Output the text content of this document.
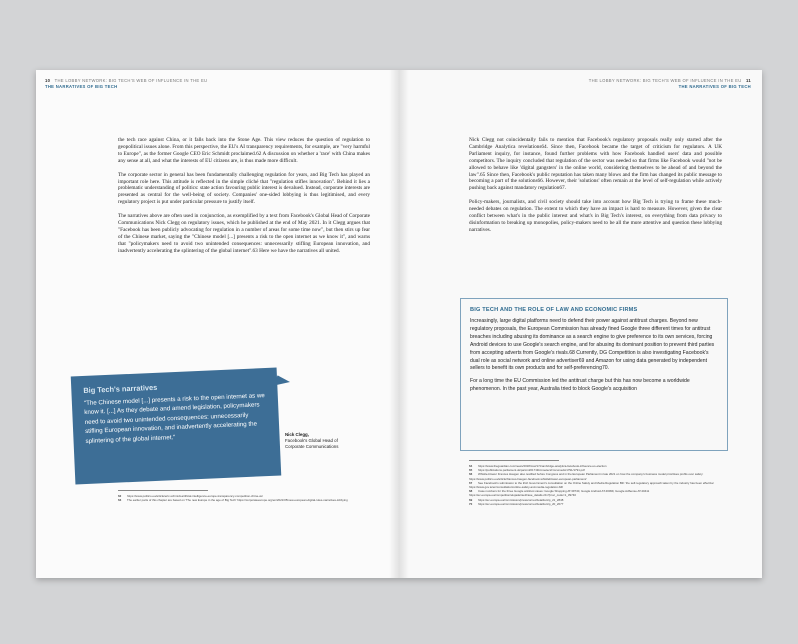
10 THE LOBBY NETWORK: BIG TECH'S WEB OF INFLUENCE IN THE EU
THE NARRATIVES OF BIG TECH

the tech race against China, or it falls back into the Stone Age. This view reduces the question of regulation to geopolitical issues alone. From this perspective, the EU's AI transparency requirements, for example, are "very harmful to Europe", as the former Google CEO Eric Schmidt proclaimed.62 A discussion on whether a 'race' with China makes any sense at all, and what the interests of EU citizens are, is thus made more difficult.

The corporate sector in general has been fundamentally challenging regulation for years, and Big Tech has played an important role here. This attitude is reflected in the simple cliché that "regulation stifles innovation". Behind it lies a problematic understanding of politics: state action favouring public interest is devalued. Instead, corporate interests are presented as central for the well-being of society. Companies' one-sided lobbying is thus legitimised, and every regulatory project is put under particular pressure to justify itself.

The narratives above are often used in conjunction, as exemplified by a text from Facebook's Global Head of Corporate Communications Nick Clegg on regulatory issues, which he published at the end of May 2021. In it Clegg argues that "Facebook has been publicly advocating for regulation in a number of areas for some time now", but then stirs up fear of the Chinese market, saying the "Chinese model [...] presents a risk to the open internet as we know it", and warns that "policymakers need to avoid two unintended consequences: unnecessarily stifling European innovation, and inadvertently accelerating the splintering of the global internet".63 Here we have the narratives all united.

Big Tech's narratives

"The Chinese model [...] presents a risk to the open internet as we know it. [...] As they debate and amend legislation, policymakers need to avoid two unintended consequences: unnecessarily stifling European innovation, and inadvertently accelerating the splintering of the global internet."	Nick Clegg,
Facebook's Global Head of
Corporate Communications
62 https://www.politico.eu/article/eric-schmidt-artificial-intelligence-europe-transparency-competition-china-us/
63 The earlier parts of this chapter are based on 'The new Europe in the age of Big Tech' https://corporateeurope.org/en/2021/05/new-european-digital-rules-narratives-lobbying
THE LOBBY NETWORK: BIG TECH'S WEB OF INFLUENCE IN THE EU 11
THE NARRATIVES OF BIG TECH

Nick Clegg not coincidentally fails to mention that Facebook's regulatory proposals really only started after the Cambridge Analytica revelations64. Since then, Facebook became the target of criticism for regulators. A UK Parliament inquiry, for instance, found further problems with how Facebook handled users' data and possible competitors. The inquiry concluded that regulation of the sector was needed so that firms like Facebook would "not be allowed to behave like 'digital gangsters' in the online world, considering themselves to be ahead of and beyond the law".65 Since then, Facebook's public reputation has taken many blows and the firm has changed its public message to becoming a part of the solutions66. However, their 'solutions' often remain at the level of self-regulation while actively pushing back against mandatory regulation67.

Policy-makers, journalists, and civil society should take into account how Big Tech is trying to frame these much-needed debates on regulation. The extent to which they have an impact is hard to measure. However, given the clear conflict between what's in the public interest and what's in Big Tech's interest, on everything from data privacy to disinformation to breaking up monopolies, policy-makers need to be all the more attentive and question these lobbying narratives.

BIG TECH AND THE ROLE OF LAW AND ECONOMIC FIRMS

Increasingly, large digital platforms need to defend their power against antitrust charges. Beyond new regulatory proposals, the European Commission has already fined Google three different times for antitrust breaches including abusing its dominance as a search engine to give preference to its own services, forcing Android devices to use Google's search engine, and for abusing its dominant position to prevent third parties from accepting adverts from Google's rivals.68 Currently, DG Competition is also investigating Facebook's dual role as social network and online advertiser69 and Amazon for using data generated by independent sellers to benefit its own products and for self-preferencing70.

For a long time the EU Commission led the antitrust charge but this has now become a worldwide phenomenon. In the past year, Australia tried to block Google's acquisition

64 https://www.theguardian.com/news/2018/mar/17/cambridge-analytica-facebook-influence-us-election
65 https://publications.parliament.uk/pa/cm201719/cmselect/cmcumeds/1791/1791.pdf
66 Whistle-blower Frances Haugen also testified before Congress and in the European Parliament in late 2021 on how the company's business model prioritises profits over safety: https://www.politico.eu/article/frances-haugen-facebook-whistleblower-european-parliament/
67 See Facebook's submission to the Irish Government's consultation on the Online Safety and Media Regulation Bill: 'the self-regulatory approach taken by the industry has been effective' https://www.gov.ie/en/consultation/online-safety-and-media-regulation-bill/
68 Case numbers for the three Google antitrust cases: Google Shopping AT.39740, Google Android AT.40099, Google AdSense AT.40411 https://ec.europa.eu/competition/elojade/isef/case_details.cfm?proc_code=1_39740
69 https://ec.europa.eu/commission/presscorner/detail/en/ip_21_2848
70 https://ec.europa.eu/commission/presscorner/detail/en/ip_20_2077
